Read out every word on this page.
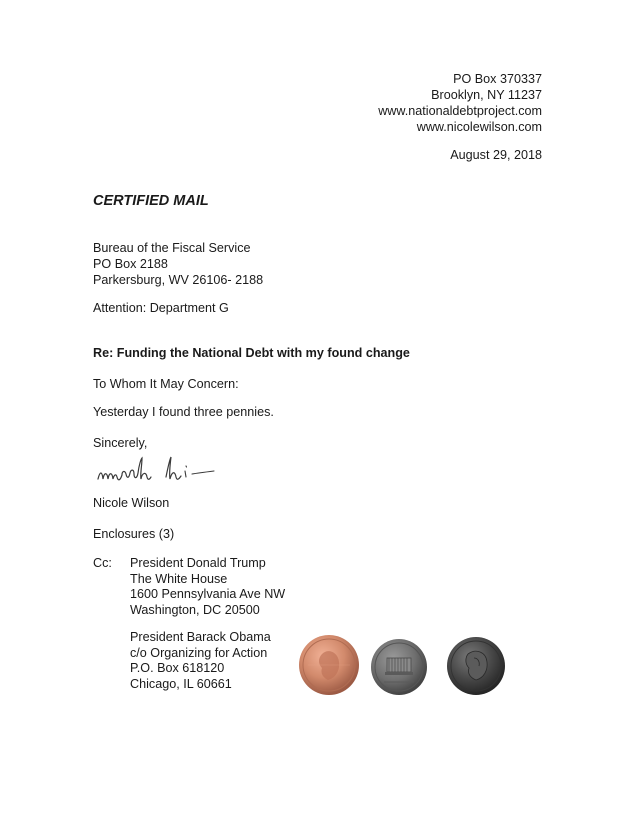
PO Box 370337
Brooklyn, NY 11237
www.nationaldebtproject.com
www.nicolewilson.com
August 29, 2018
CERTIFIED MAIL
Bureau of the Fiscal Service
PO Box 2188
Parkersburg, WV 26106- 2188
Attention: Department G
Re: Funding the National Debt with my found change
To Whom It May Concern:
Yesterday I found three pennies.
Sincerely,
Nicole Wilson
Enclosures (3)
Cc: President Donald Trump
The White House
1600 Pennsylvania Ave NW
Washington, DC 20500
President Barack Obama
c/o Organizing for Action
P.O. Box 618120
Chicago, IL 60661
